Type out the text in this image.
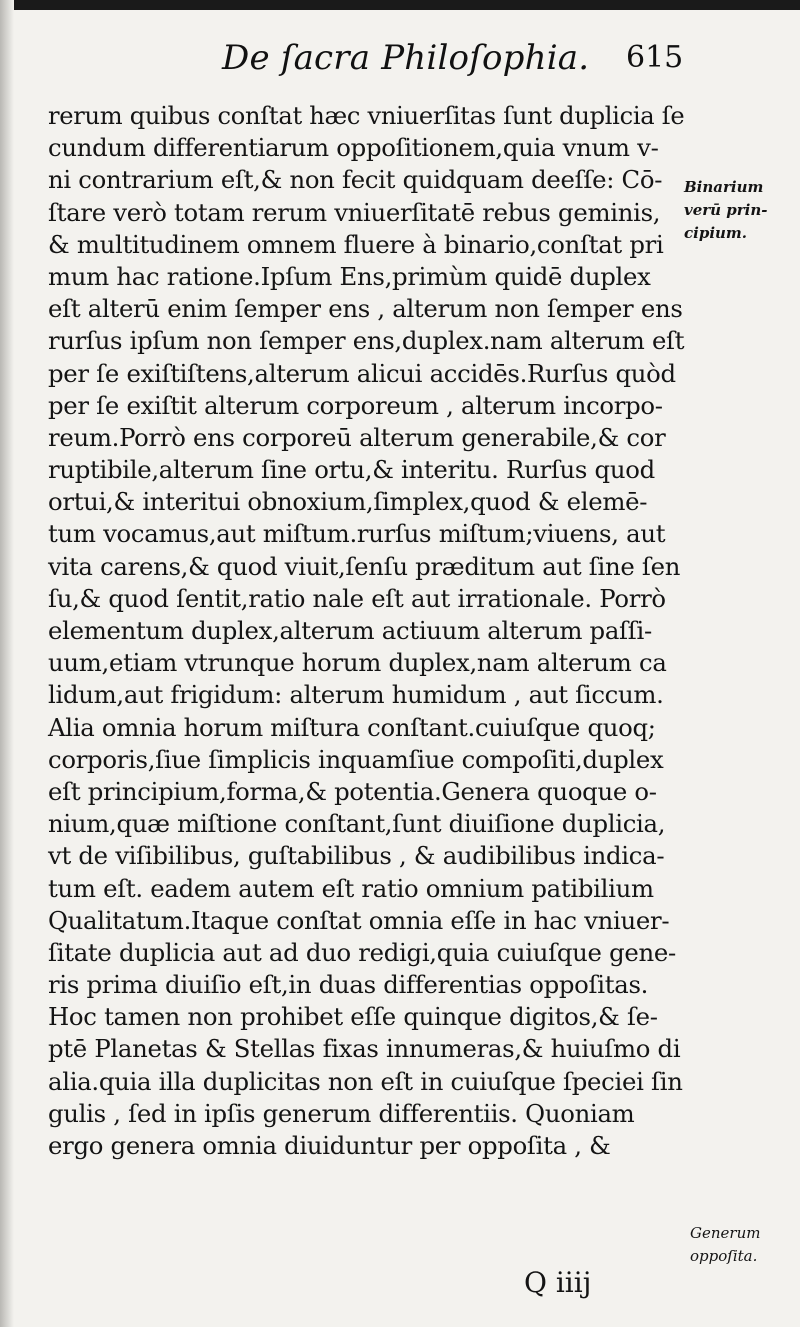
De ſacra Philoſophia. 615
rerum quibus conſtat hæc vniuerſitas ſunt duplicia ſe
cundum differentiarum oppoſitionem,quia vnum v-
ni contrarium eſt,& non fecit quidquam deeſſe: Cō-
ſtare verò totam rerum vniuerſitatē rebus geminis,
& multitudinem omnem fluere à binario,conſtat pri
mum hac ratione.Ipſum Ens,primùm quidē duplex
eſt alterū enim ſemper ens , alterum non ſemper ens
rurſus ipſum non ſemper ens,duplex.nam alterum eſt
per ſe exiſtiſtens,alterum alicui accidēs.Rurſus quòd
per ſe exiſtit alterum corporeum , alterum incorpo-
reum.Porrò ens corporeū alterum generabile,& cor
ruptibile,alterum ſine ortu,& interitu. Rurſus quod
ortui,& interitui obnoxium,ſimplex,quod & elemē-
tum vocamus,aut miſtum.rurſus miſtum;viuens, aut
vita carens,& quod viuit,ſenſu præditum aut ſine ſen
ſu,& quod ſentit,ratio nale eſt aut irrationale. Porrò
elementum duplex,alterum actiuum alterum paſſi-
uum,etiam vtrunque horum duplex,nam alterum ca
lidum,aut frigidum: alterum humidum , aut ſiccum.
Alia omnia horum miſtura conſtant.cuiuſque quoq;
corporis,ſiue ſimplicis inquamſiue compoſiti,duplex
eſt principium,forma,& potentia.Genera quoque o-
nium,quæ miſtione conſtant,ſunt diuiſione duplicia,
vt de viſibilibus, guſtabilibus , & audibilibus indica-
tum eſt. eadem autem eſt ratio omnium patibilium
Qualitatum.Itaque conſtat omnia eſſe in hac vniuer-
ſitate duplicia aut ad duo redigi,quia cuiuſque gene-
ris prima diuiſio eſt,in duas differentias oppoſitas.
Hoc tamen non prohibet eſſe quinque digitos,& ſe-
ptē Planetas & Stellas fixas innumeras,& huiuſmo di
alia.quia illa duplicitas non eſt in cuiuſque ſpeciei ſin
gulis , ſed in ipſis generum differentiis. Quoniam
ergo genera omnia diuiduntur per oppoſita , &
Binarium
verū prin-
cipium.
Generum
oppoſita.
Q iiij
